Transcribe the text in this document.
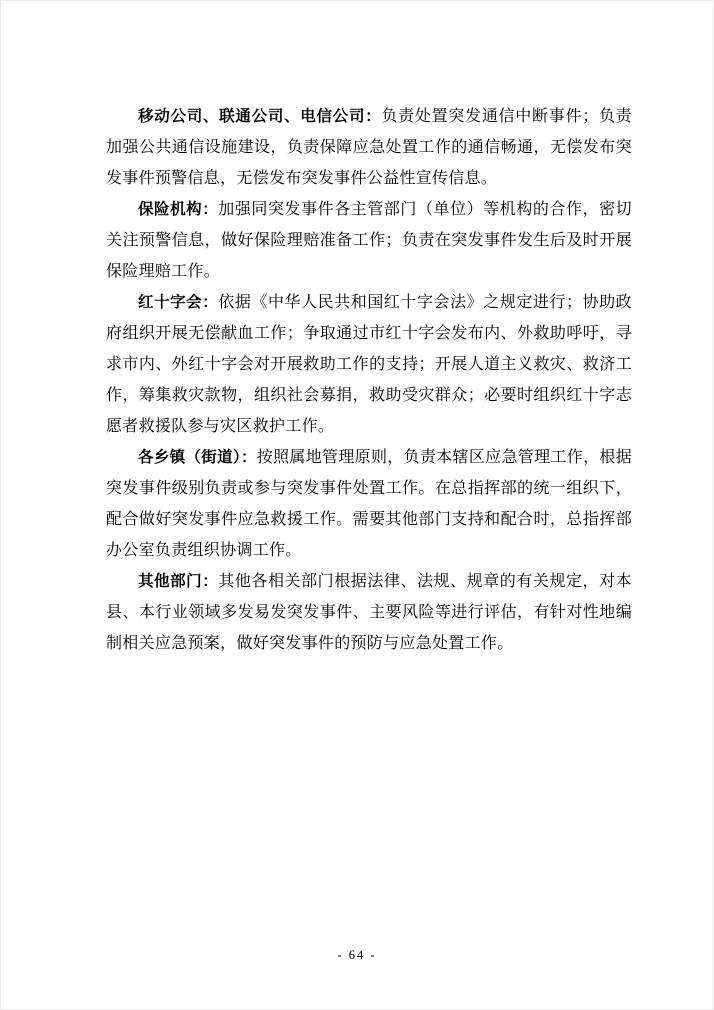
移动公司、联通公司、电信公司：负责处置突发通信中断事件；负责加强公共通信设施建设，负责保障应急处置工作的通信畅通，无偿发布突发事件预警信息，无偿发布突发事件公益性宣传信息。

保险机构：加强同突发事件各主管部门（单位）等机构的合作，密切关注预警信息，做好保险理赔准备工作；负责在突发事件发生后及时开展保险理赔工作。

红十字会：依据《中华人民共和国红十字会法》之规定进行；协助政府组织开展无偿献血工作；争取通过市红十字会发布内、外救助呼吁，寻求市内、外红十字会对开展救助工作的支持；开展人道主义救灾、救济工作，筹集救灾款物，组织社会募捐，救助受灾群众；必要时组织红十字志愿者救援队参与灾区救护工作。

各乡镇（街道）：按照属地管理原则，负责本辖区应急管理工作，根据突发事件级别负责或参与突发事件处置工作。在总指挥部的统一组织下，配合做好突发事件应急救援工作。需要其他部门支持和配合时，总指挥部办公室负责组织协调工作。

其他部门：其他各相关部门根据法律、法规、规章的有关规定，对本县、本行业领域多发易发突发事件、主要风险等进行评估，有针对性地编制相关应急预案，做好突发事件的预防与应急处置工作。

- 64 -
